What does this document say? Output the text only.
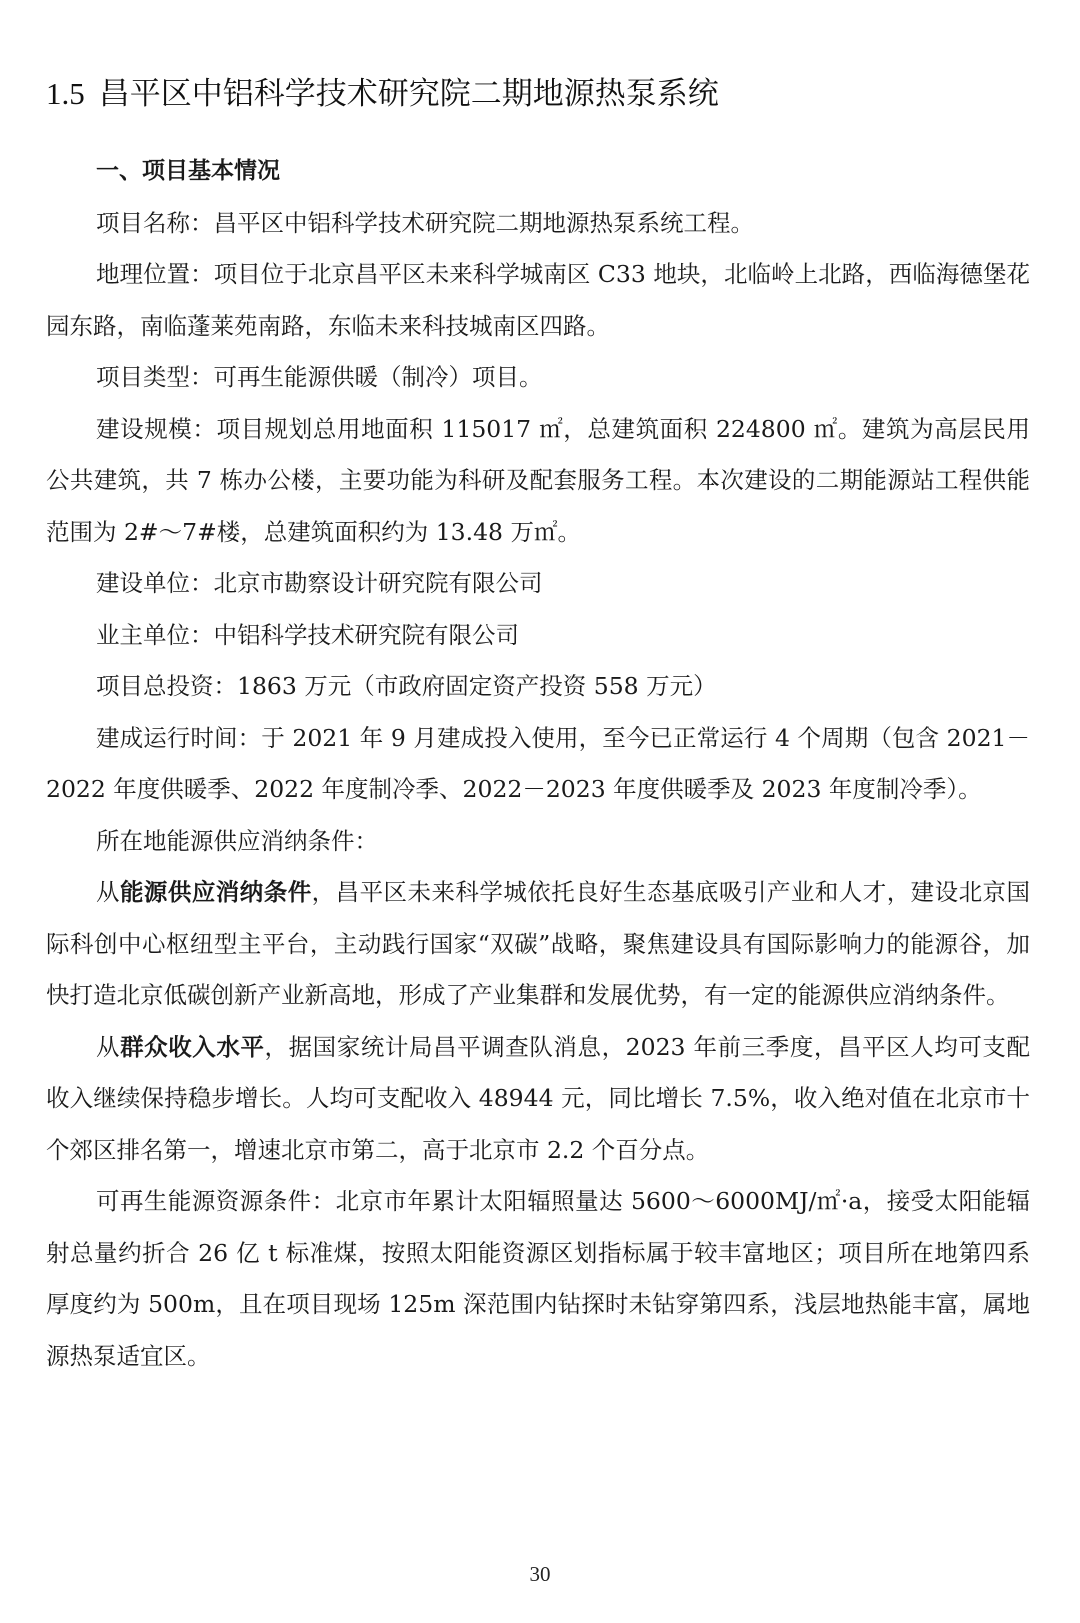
1.5 昌平区中铝科学技术研究院二期地源热泵系统

一、项目基本情况

项目名称：昌平区中铝科学技术研究院二期地源热泵系统工程。

地理位置：项目位于北京昌平区未来科学城南区 C33 地块，北临岭上北路，西临海德堡花园东路，南临蓬莱苑南路，东临未来科技城南区四路。

项目类型：可再生能源供暖（制冷）项目。

建设规模：项目规划总用地面积 115017 ㎡，总建筑面积 224800 ㎡。建筑为高层民用公共建筑，共 7 栋办公楼，主要功能为科研及配套服务工程。本次建设的二期能源站工程供能范围为 2#～7#楼，总建筑面积约为 13.48 万㎡。

建设单位：北京市勘察设计研究院有限公司

业主单位：中铝科学技术研究院有限公司

项目总投资：1863 万元（市政府固定资产投资 558 万元）

建成运行时间：于 2021 年 9 月建成投入使用，至今已正常运行 4 个周期（包含 2021－2022 年度供暖季、2022 年度制冷季、2022－2023 年度供暖季及 2023 年度制冷季）。

所在地能源供应消纳条件：

从能源供应消纳条件，昌平区未来科学城依托良好生态基底吸引产业和人才，建设北京国际科创中心枢纽型主平台，主动践行国家“双碳”战略，聚焦建设具有国际影响力的能源谷，加快打造北京低碳创新产业新高地，形成了产业集群和发展优势，有一定的能源供应消纳条件。

从群众收入水平，据国家统计局昌平调查队消息，2023 年前三季度，昌平区人均可支配收入继续保持稳步增长。人均可支配收入 48944 元，同比增长 7.5%，收入绝对值在北京市十个郊区排名第一，增速北京市第二，高于北京市 2.2 个百分点。

可再生能源资源条件：北京市年累计太阳辐照量达 5600～6000MJ/㎡·a，接受太阳能辐射总量约折合 26 亿 t 标准煤，按照太阳能资源区划指标属于较丰富地区；项目所在地第四系厚度约为 500m，且在项目现场 125m 深范围内钻探时未钻穿第四系，浅层地热能丰富，属地源热泵适宜区。

30
